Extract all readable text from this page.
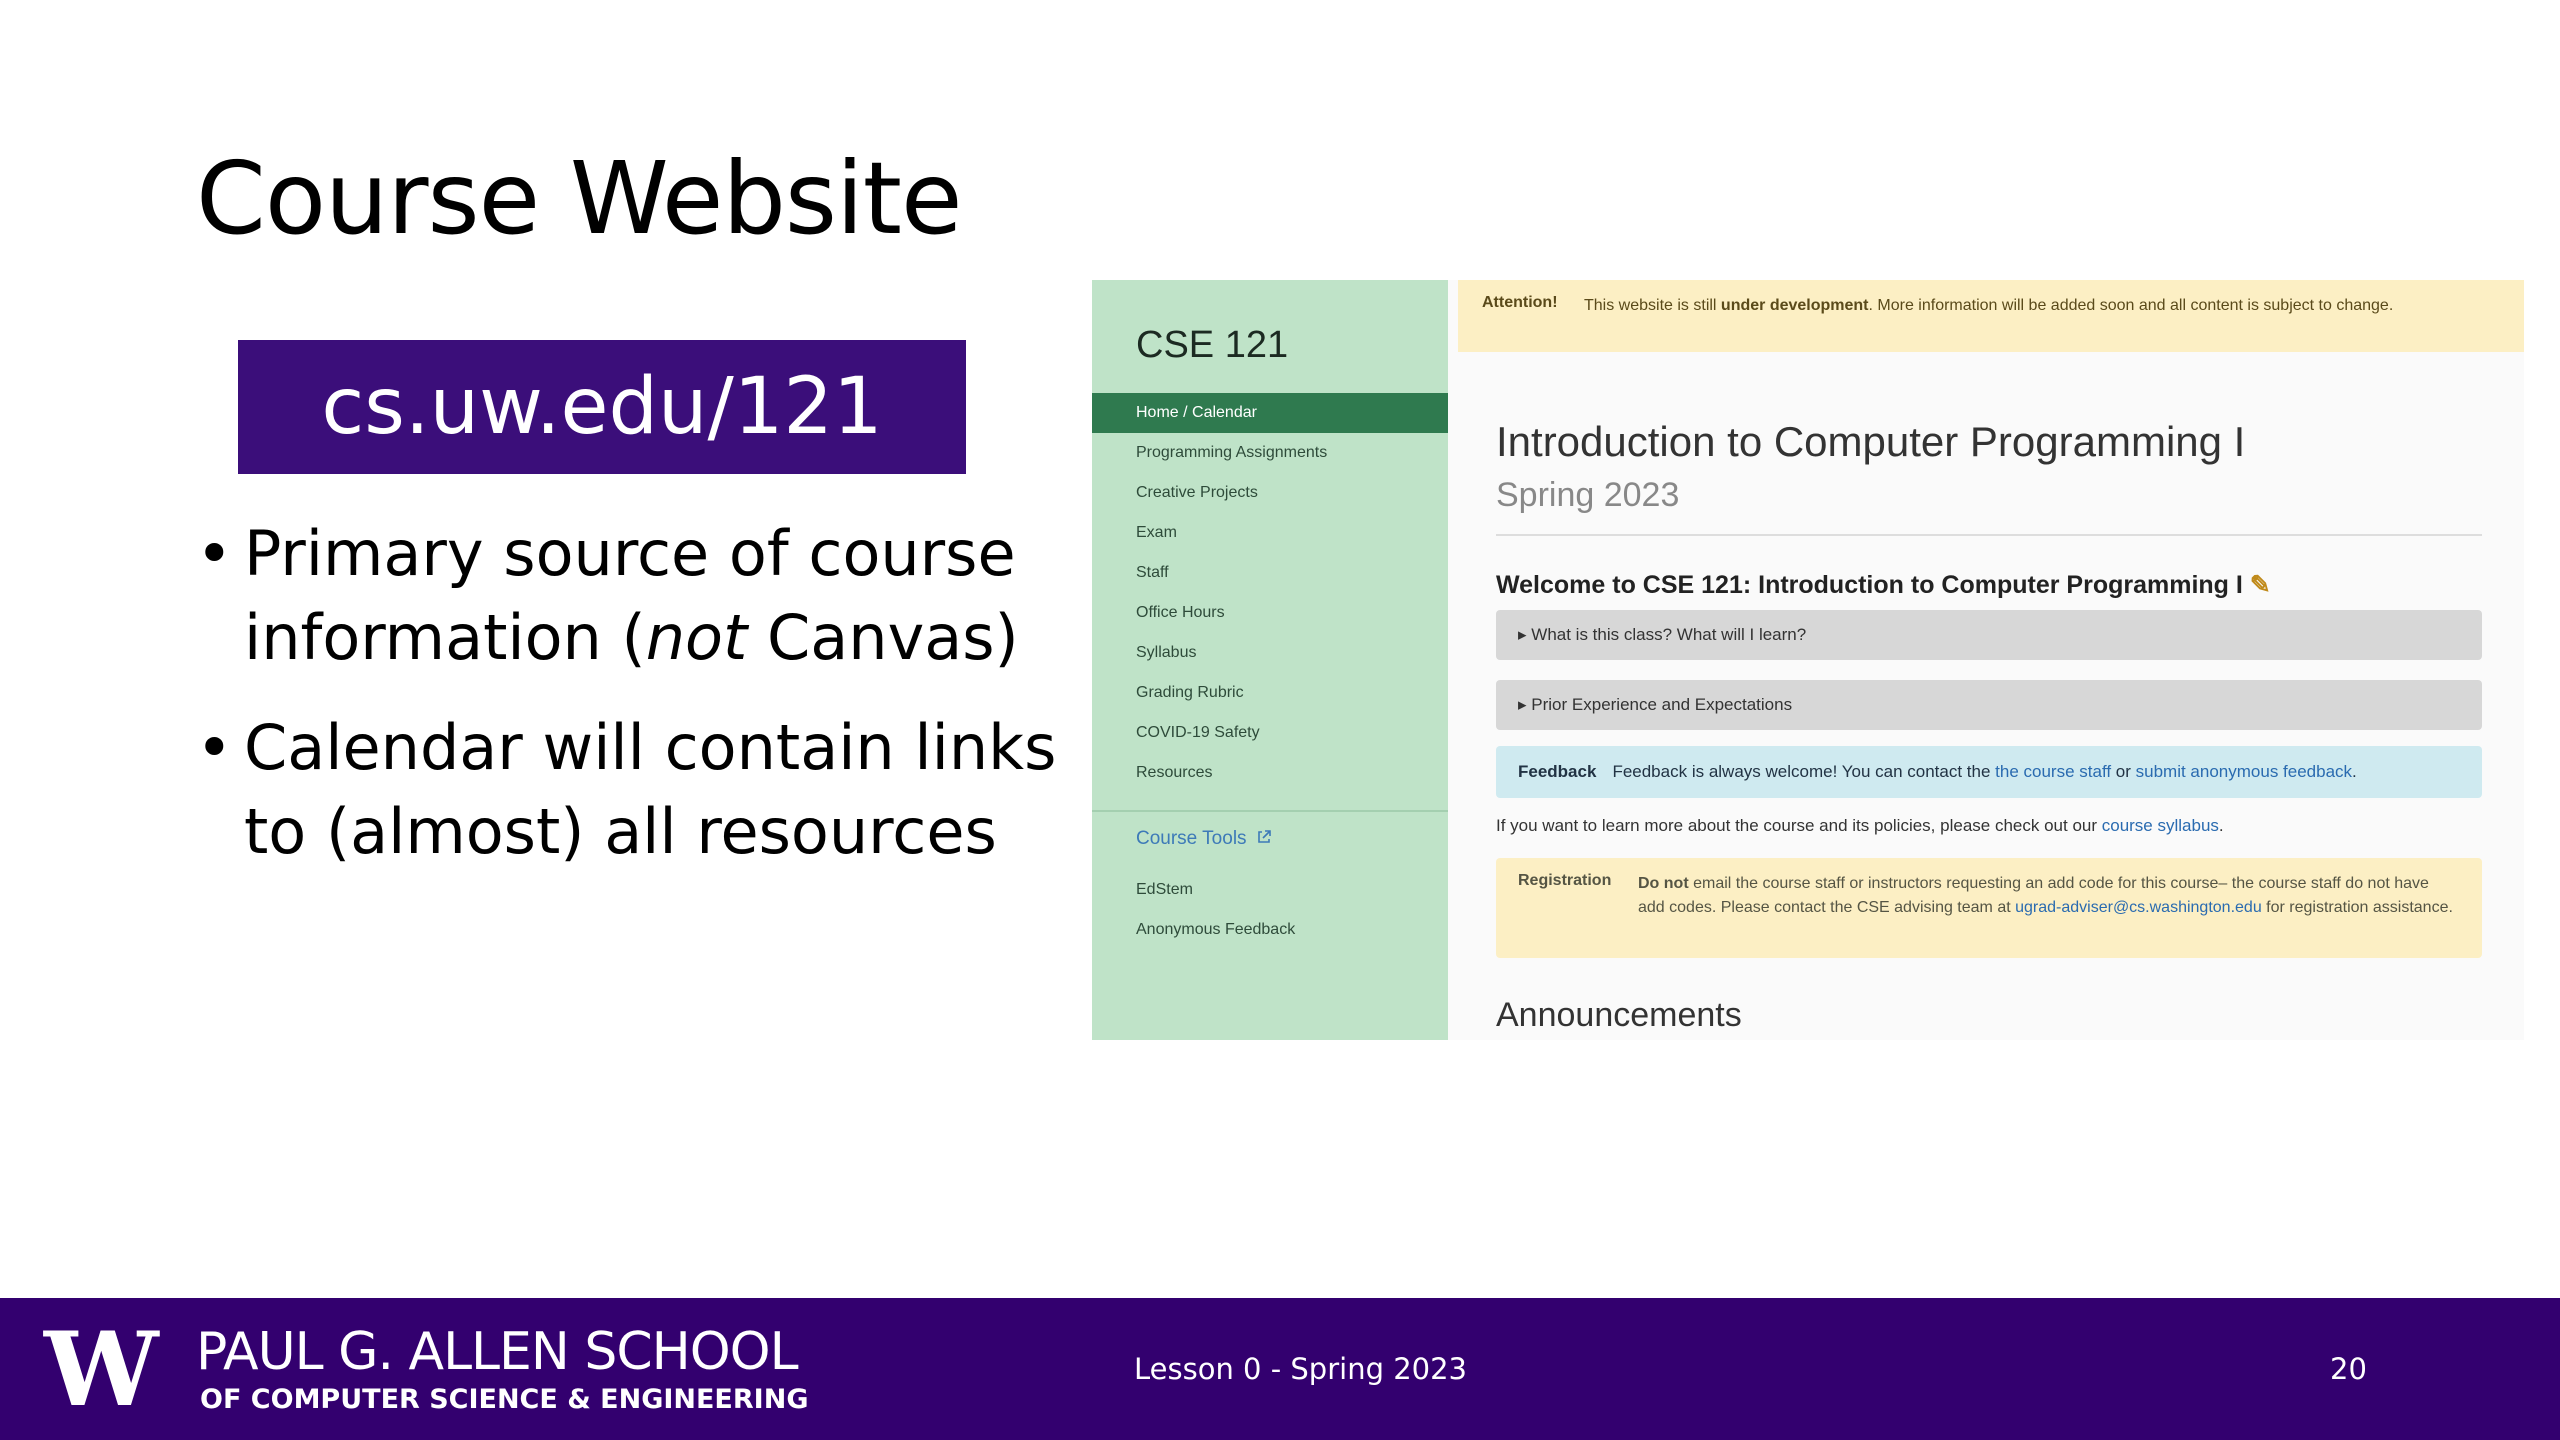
Course Website
cs.uw.edu/121
• Primary source of course information (not Canvas)
• Calendar will contain links to (almost) all resources
CSE 121
Home / Calendar
Programming Assignments
Creative Projects
Exam
Staff
Office Hours
Syllabus
Grading Rubric
COVID-19 Safety
Resources
Course Tools
EdStem
Anonymous Feedback
Attention! This website is still under development. More information will be added soon and all content is subject to change.
Introduction to Computer Programming I
Spring 2023
Welcome to CSE 121: Introduction to Computer Programming I ✎
▸ What is this class? What will I learn?
▸ Prior Experience and Expectations
Feedback Feedback is always welcome! You can contact the the course staff or submit anonymous feedback.
If you want to learn more about the course and its policies, please check out our course syllabus.
Registration Do not email the course staff or instructors requesting an add code for this course– the course staff do not have add codes. Please contact the CSE advising team at ugrad-adviser@cs.washington.edu for registration assistance.
Announcements
W PAUL G. ALLEN SCHOOL
OF COMPUTER SCIENCE & ENGINEERING
Lesson 0 - Spring 2023	20
